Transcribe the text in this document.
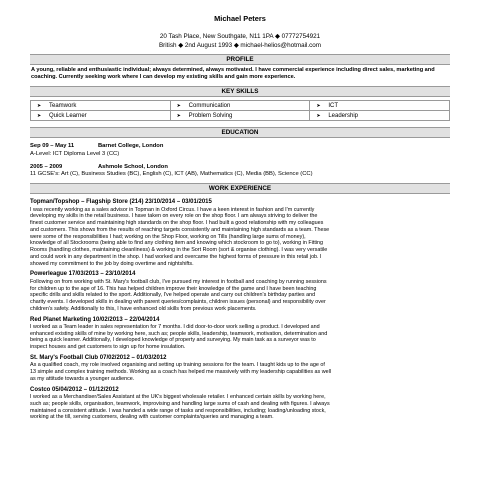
Michael Peters
20 Tash Place, New Southgate, N11 1PA ◆ 07772754921
British ◆ 2nd August 1993 ◆ michael-helios@hotmail.com
PROFILE
A young, reliable and enthusiastic individual; always determined, always motivated. I have commercial experience including direct sales, marketing and coaching. Currently seeking work where I can develop my existing skills and gain more experience.
KEY SKILLS
➤ Teamwork	➤ Communication	➤ ICT
➤ Quick Learner	➤ Problem Solving	➤ Leadership
EDUCATION
Sep 09 – May 11	Barnet College, London
A-Level: ICT Diploma Level 3 (CC)
2005 – 2009	Ashmole School, London
11 GCSE’s: Art (C), Business Studies (BC), English (C), ICT (AB), Mathematics (C), Media (BB), Science (CC)
WORK EXPERIENCE
Topman/Topshop – Flagship Store (214) 23/10/2014 – 03/01/2015
I was recently working as a sales advisor in Topman in Oxford Circus. I have a keen interest in fashion and I'm currently
developing my skills in the retail business. I have taken on every role on the shop floor. I am always striving to deliver the
finest customer service and maintaining high standards on the shop floor. I had built a good relationship with my colleagues
and customers. This shows from the results of reaching targets consistently and maintaining high standards as a team. These
were some of the responsibilities I had; working on the Shop Floor, working on Tills (handling large sums of money),
knowledge of all Stockrooms (being able to find any clothing item and knowing which stockroom to go to), working in Fitting
Rooms (handling clothes, maintaining cleanliness) & working in the Sort Room (sort & organise clothing). I was very versatile
and could work in any department in the shop. I had worked and overcame the highest forms of pressure in this retail job. I
showed my commitment to the job by doing overtime and nightshifts.
Powerleague 17/03/2013 – 23/10/2014
Following on from working with St. Mary's football club, I've pursued my interest in football and coaching by running sessions
for children up to the age of 16. This has helped children improve their knowledge of the game and I have been teaching
specific drills and skills related to the sport. Additionally, I've helped operate and carry out children's birthday parties and
charity events. I developed skills in dealing with parent queries/complaints, children issues (personal) and responsibility over
children's safety. Additionally to this, I have enhanced old skills from previous work placements.
Red Planet Marketing 10/02/2013 – 22/04/2014
I worked as a Team leader in sales representation for 7 months. I did door-to-door work selling a product. I developed and
enhanced existing skills of mine by working here, such as; people skills, leadership, teamwork, motivation, determination and
being a quick learner. Additionally, I developed knowledge of property and surveying. My main task as a surveyor was to
inspect houses and get customers to sign up for home insulation.
St. Mary's Football Club 07/02/2012 – 01/03/2012
As a qualified coach, my role involved organising and setting up training sessions for the team. I taught kids up to the age of
13 simple and complex training methods. Working as a coach has helped me massively with my leadership capabilities as well
as my attitude towards a younger audience.
Costco 05/04/2012 – 01/12/2012
I worked as a Merchandiser/Sales Assistant at the UK's biggest wholesale retailer. I enhanced certain skills by working here,
such as; people skills, organisation, teamwork, improvising and handling large sums of cash and dealing with figures. I always
maintained a consistent attitude. I was handed a wide range of tasks and responsibilities, including; loading/unloading stock,
working at the till, serving customers, dealing with customer complaints/queries and managing a team.
